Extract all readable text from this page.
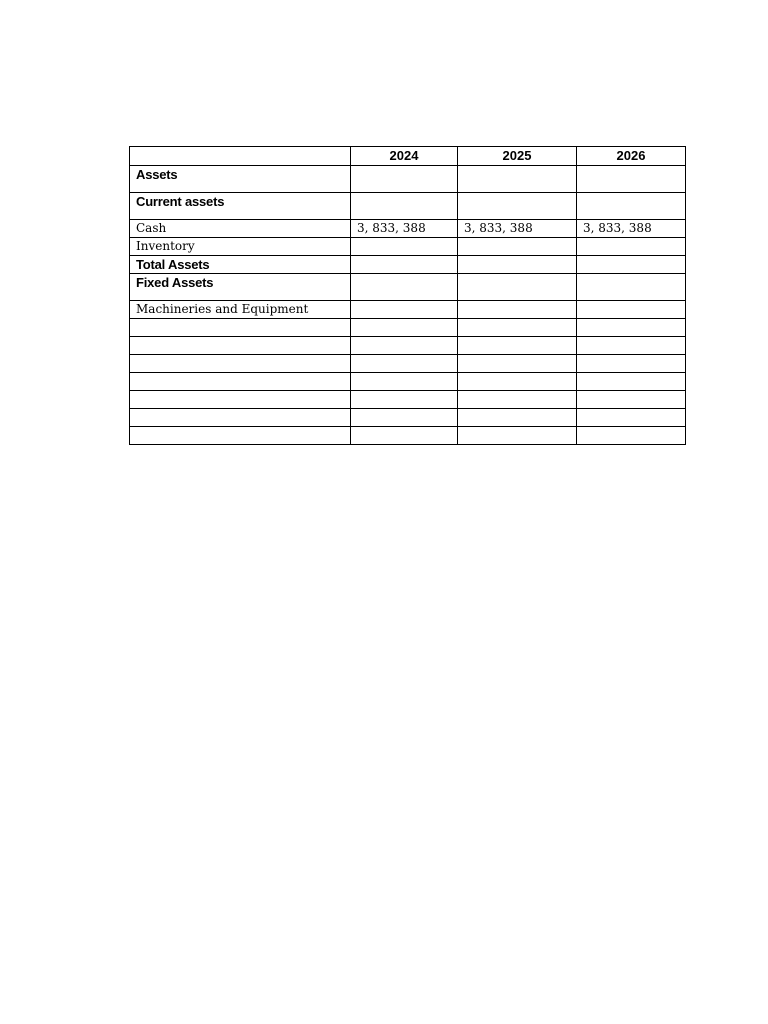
	2024	2025	2026
Assets			
Current assets			
Cash	3, 833, 388	3, 833, 388	3, 833, 388
Inventory			
Total Assets			
Fixed Assets			
Machineries and Equipment			
